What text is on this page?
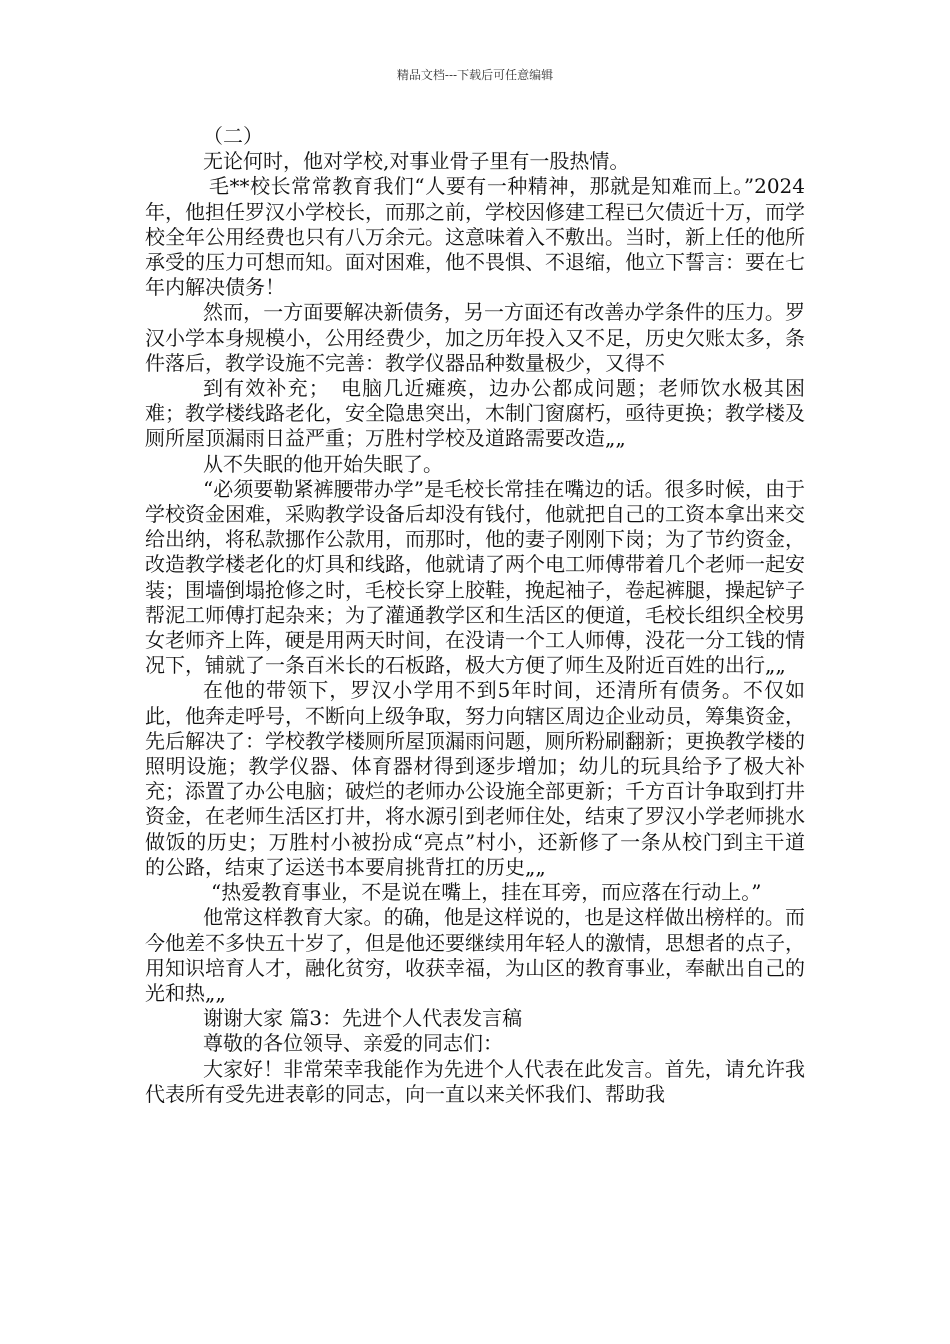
精品文档---下载后可任意编辑

（二）

无论何时，他对学校,对事业骨子里有一股热情。

毛**校长常常教育我们“人要有一种精神，那就是知难而上。”2024年，他担任罗汉小学校长，而那之前，学校因修建工程已欠债近十万，而学校全年公用经费也只有八万余元。这意味着入不敷出。当时，新上任的他所承受的压力可想而知。面对困难，他不畏惧、不退缩，他立下誓言：要在七年内解决债务！

然而，一方面要解决新债务，另一方面还有改善办学条件的压力。罗汉小学本身规模小，公用经费少，加之历年投入又不足，历史欠账太多，条件落后，教学设施不完善：教学仪器品种数量极少，又得不

到有效补充；　电脑几近瘫痪，边办公都成问题；老师饮水极其困难；教学楼线路老化，安全隐患突出，木制门窗腐朽，亟待更换；教学楼及厕所屋顶漏雨日益严重；万胜村学校及道路需要改造„„

从不失眠的他开始失眠了。

“必须要勒紧裤腰带办学”是毛校长常挂在嘴边的话。很多时候，由于学校资金困难，采购教学设备后却没有钱付，他就把自己的工资本拿出来交给出纳，将私款挪作公款用，而那时，他的妻子刚刚下岗；为了节约资金，改造教学楼老化的灯具和线路，他就请了两个电工师傅带着几个老师一起安装；围墙倒塌抢修之时，毛校长穿上胶鞋，挽起袖子，卷起裤腿，操起铲子帮泥工师傅打起杂来；为了灌通教学区和生活区的便道，毛校长组织全校男女老师齐上阵，硬是用两天时间，在没请一个工人师傅，没花一分工钱的情况下，铺就了一条百米长的石板路，极大方便了师生及附近百姓的出行„„

在他的带领下，罗汉小学用不到5年时间，还清所有债务。不仅如此，他奔走呼号，不断向上级争取，努力向辖区周边企业动员，筹集资金，先后解决了：学校教学楼厕所屋顶漏雨问题，厕所粉刷翻新；更换教学楼的照明设施；教学仪器、体育器材得到逐步增加；幼儿的玩具给予了极大补充；添置了办公电脑；破烂的老师办公设施全部更新；千方百计争取到打井资金，在老师生活区打井，将水源引到老师住处，结束了罗汉小学老师挑水做饭的历史；万胜村小被扮成“亮点”村小，还新修了一条从校门到主干道的公路，结束了运送书本要肩挑背扛的历史„„

“热爱教育事业，不是说在嘴上，挂在耳旁，而应落在行动上。”

他常这样教育大家。的确，他是这样说的，也是这样做出榜样的。而今他差不多快五十岁了，但是他还要继续用年轻人的激情，思想者的点子，用知识培育人才，融化贫穷，收获幸福，为山区的教育事业，奉献出自己的光和热„„

谢谢大家 篇3：先进个人代表发言稿

尊敬的各位领导、亲爱的同志们：

大家好！非常荣幸我能作为先进个人代表在此发言。首先，请允许我代表所有受先进表彰的同志，向一直以来关怀我们、帮助我
